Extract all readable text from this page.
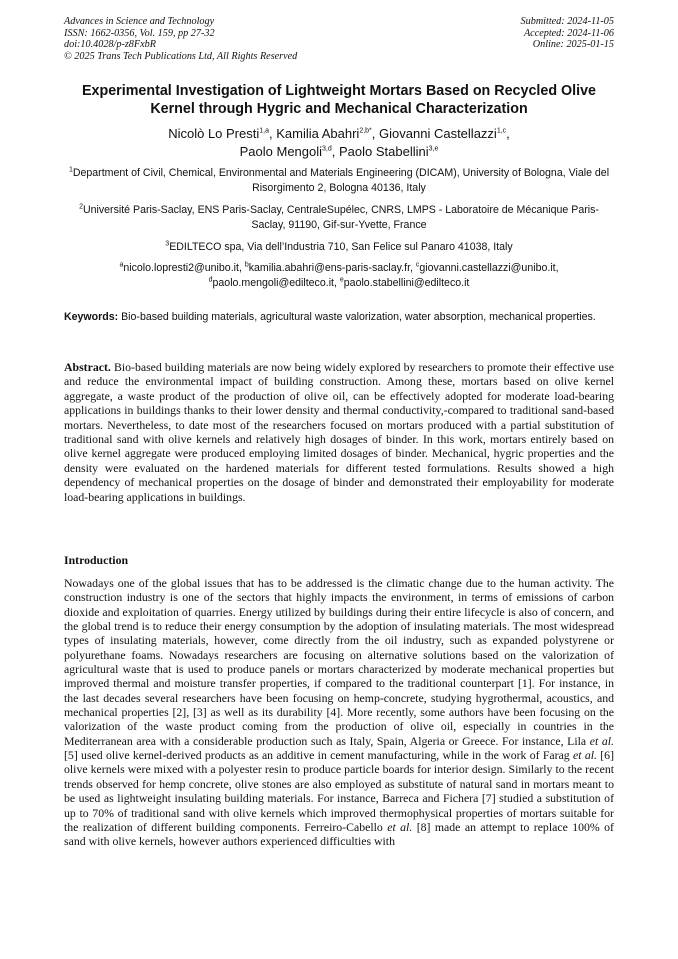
Advances in Science and Technology
ISSN: 1662-0356, Vol. 159, pp 27-32
doi:10.4028/p-z8FxbR
© 2025 Trans Tech Publications Ltd, All Rights Reserved
Submitted: 2024-11-05
Accepted: 2024-11-06
Online: 2025-01-15
Experimental Investigation of Lightweight Mortars Based on Recycled Olive Kernel through Hygric and Mechanical Characterization
Nicolò Lo Presti$^{1,a}$, Kamilia Abahri$^{2,b*}$, Giovanni Castellazzi$^{1,c}$,
Paolo Mengoli$^{3,d}$, Paolo Stabellini$^{3,e}$
$^1$Department of Civil, Chemical, Environmental and Materials Engineering (DICAM), University of Bologna, Viale del Risorgimento 2, Bologna 40136, Italy
$^2$Université Paris-Saclay, ENS Paris-Saclay, CentraleSupélec, CNRS, LMPS - Laboratoire de Mécanique Paris-Saclay, 91190, Gif-sur-Yvette, France
$^3$EDILTECO spa, Via dell’Industria 710, San Felice sul Panaro 41038, Italy
$^a$nicolo.lopresti2@unibo.it, $^b$kamilia.abahri@ens-paris-saclay.fr, $^c$giovanni.castellazzi@unibo.it,
$^d$paolo.mengoli@edilteco.it, $^e$paolo.stabellini@edilteco.it
Keywords: Bio-based building materials, agricultural waste valorization, water absorption, mechanical properties.
Abstract. Bio-based building materials are now being widely explored by researchers to promote their effective use and reduce the environmental impact of building construction. Among these, mortars based on olive kernel aggregate, a waste product of the production of olive oil, can be effectively adopted for moderate load-bearing applications in buildings thanks to their lower density and thermal conductivity,-compared to traditional sand-based mortars. Nevertheless, to date most of the researchers focused on mortars produced with a partial substitution of traditional sand with olive kernels and relatively high dosages of binder. In this work, mortars entirely based on olive kernel aggregate were produced employing limited dosages of binder. Mechanical, hygric properties and the density were evaluated on the hardened materials for different tested formulations. Results showed a high dependency of mechanical properties on the dosage of binder and demonstrated their employability for moderate load-bearing applications in buildings.
Introduction
Nowadays one of the global issues that has to be addressed is the climatic change due to the human activity. The construction industry is one of the sectors that highly impacts the environment, in terms of emissions of carbon dioxide and exploitation of quarries. Energy utilized by buildings during their entire lifecycle is also of concern, and the global trend is to reduce their energy consumption by the adoption of insulating materials. The most widespread types of insulating materials, however, come directly from the oil industry, such as expanded polystyrene or polyurethane foams. Nowadays researchers are focusing on alternative solutions based on the valorization of agricultural waste that is used to produce panels or mortars characterized by moderate mechanical properties but improved thermal and moisture transfer properties, if compared to the traditional counterpart [1]. For instance, in the last decades several researchers have been focusing on hemp-concrete, studying hygrothermal, acoustics, and mechanical properties [2], [3] as well as its durability [4]. More recently, some authors have been focusing on the valorization of the waste product coming from the production of olive oil, especially in countries in the Mediterranean area with a considerable production such as Italy, Spain, Algeria or Greece. For instance, Lila et al. [5] used olive kernel-derived products as an additive in cement manufacturing, while in the work of Farag et al. [6] olive kernels were mixed with a polyester resin to produce particle boards for interior design. Similarly to the recent trends observed for hemp concrete, olive stones are also employed as substitute of natural sand in mortars meant to be used as lightweight insulating building materials. For instance, Barreca and Fichera [7] studied a substitution of up to 70% of traditional sand with olive kernels which improved thermophysical properties of mortars suitable for the realization of different building components. Ferreiro-Cabello et al. [8] made an attempt to replace 100% of sand with olive kernels, however authors experienced difficulties with
